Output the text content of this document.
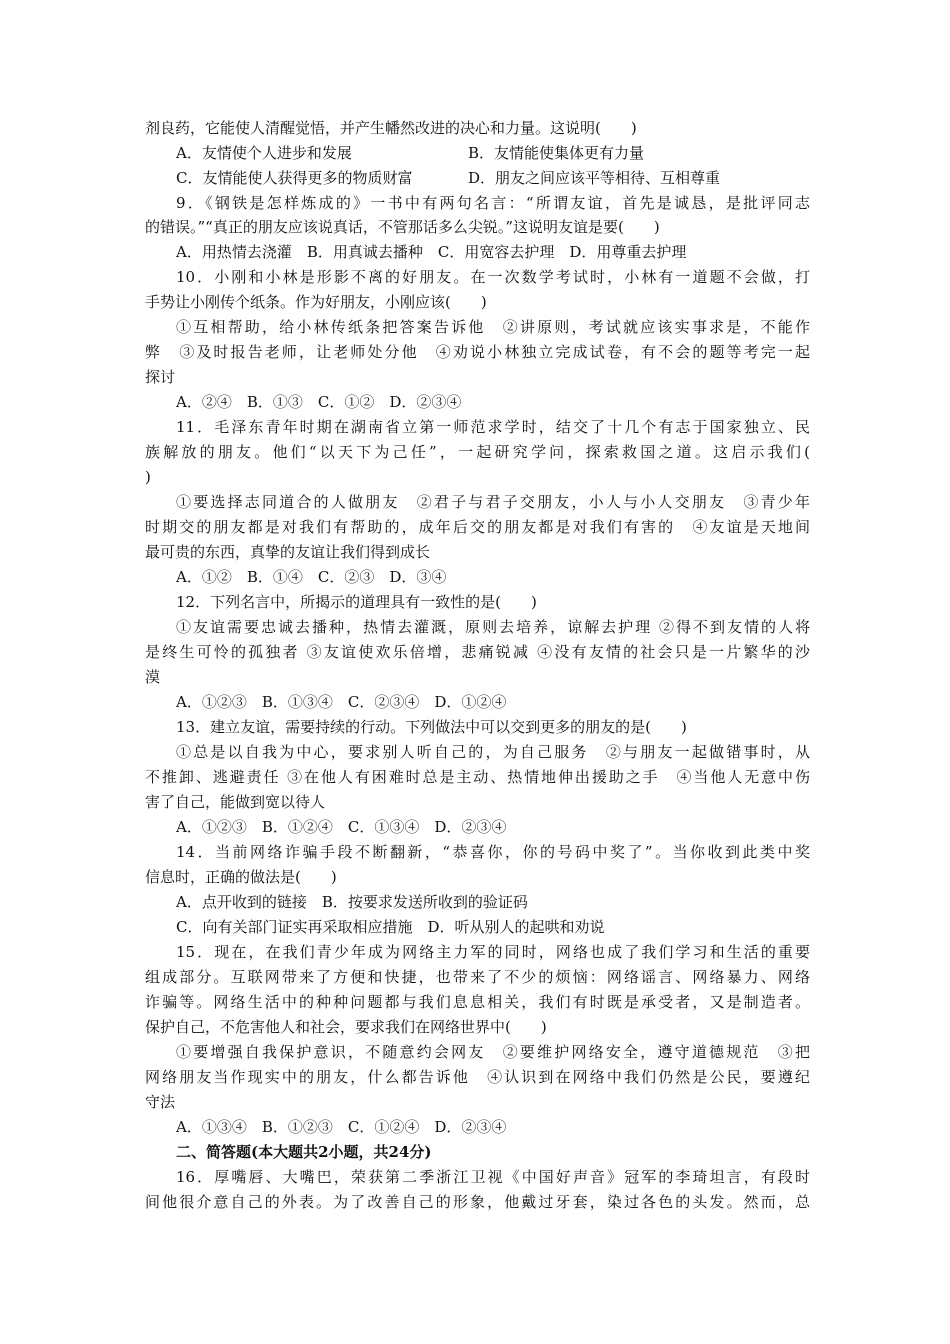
剂良药，它能使人清醒觉悟，并产生幡然改进的决心和力量。这说明(　　)
A．友情使个人进步和发展	B．友情能使集体更有力量
C．友情能使人获得更多的物质财富	D．朋友之间应该平等相待、互相尊重
9．《钢铁是怎样炼成的》一书中有两句名言：“所谓友谊，首先是诚恳，是批评同志
的错误。”“真正的朋友应该说真话，不管那话多么尖锐。”这说明友谊是要(　　)
A．用热情去浇灌　B．用真诚去播种　C．用宽容去护理　D．用尊重去护理
10．小刚和小林是形影不离的好朋友。在一次数学考试时，小林有一道题不会做，打
手势让小刚传个纸条。作为好朋友，小刚应该(　　)
①互相帮助，给小林传纸条把答案告诉他　②讲原则，考试就应该实事求是，不能作
弊　③及时报告老师，让老师处分他　④劝说小林独立完成试卷，有不会的题等考完一起
探讨
A．②④　B．①③　C．①②　D．②③④
11．毛泽东青年时期在湖南省立第一师范求学时，结交了十几个有志于国家独立、民
族解放的朋友。他们“以天下为己任”，一起研究学问，探索救国之道。这启示我们(
)
①要选择志同道合的人做朋友　②君子与君子交朋友，小人与小人交朋友　③青少年
时期交的朋友都是对我们有帮助的，成年后交的朋友都是对我们有害的　④友谊是天地间
最可贵的东西，真挚的友谊让我们得到成长
A．①②　B．①④　C．②③　D．③④
12．下列名言中，所揭示的道理具有一致性的是(　　)
①友谊需要忠诚去播种，热情去灌溉，原则去培养，谅解去护理 ②得不到友情的人将
是终生可怜的孤独者 ③友谊使欢乐倍增，悲痛锐减 ④没有友情的社会只是一片繁华的沙
漠
A．①②③　B．①③④　C．②③④　D．①②④
13．建立友谊，需要持续的行动。下列做法中可以交到更多的朋友的是(　　)
①总是以自我为中心，要求别人听自己的，为自己服务　②与朋友一起做错事时，从
不推卸、逃避责任 ③在他人有困难时总是主动、热情地伸出援助之手　④当他人无意中伤
害了自己，能做到宽以待人
A．①②③　B．①②④　C．①③④　D．②③④
14．当前网络诈骗手段不断翻新，“恭喜你，你的号码中奖了”。当你收到此类中奖
信息时，正确的做法是(　　)
A．点开收到的链接　B．按要求发送所收到的验证码
C．向有关部门证实再采取相应措施　D．听从别人的起哄和劝说
15．现在，在我们青少年成为网络主力军的同时，网络也成了我们学习和生活的重要
组成部分。互联网带来了方便和快捷，也带来了不少的烦恼：网络谣言、网络暴力、网络
诈骗等。网络生活中的种种问题都与我们息息相关，我们有时既是承受者，又是制造者。
保护自己，不危害他人和社会，要求我们在网络世界中(　　)
①要增强自我保护意识，不随意约会网友　②要维护网络安全，遵守道德规范　③把
网络朋友当作现实中的朋友，什么都告诉他　④认识到在网络中我们仍然是公民，要遵纪
守法
A．①③④　B．①②③　C．①②④　D．②③④
二、简答题(本大题共2小题，共24分)
16．厚嘴唇、大嘴巴，荣获第二季浙江卫视《中国好声音》冠军的李琦坦言，有段时
间他很介意自己的外表。为了改善自己的形象，他戴过牙套，染过各色的头发。然而，总
